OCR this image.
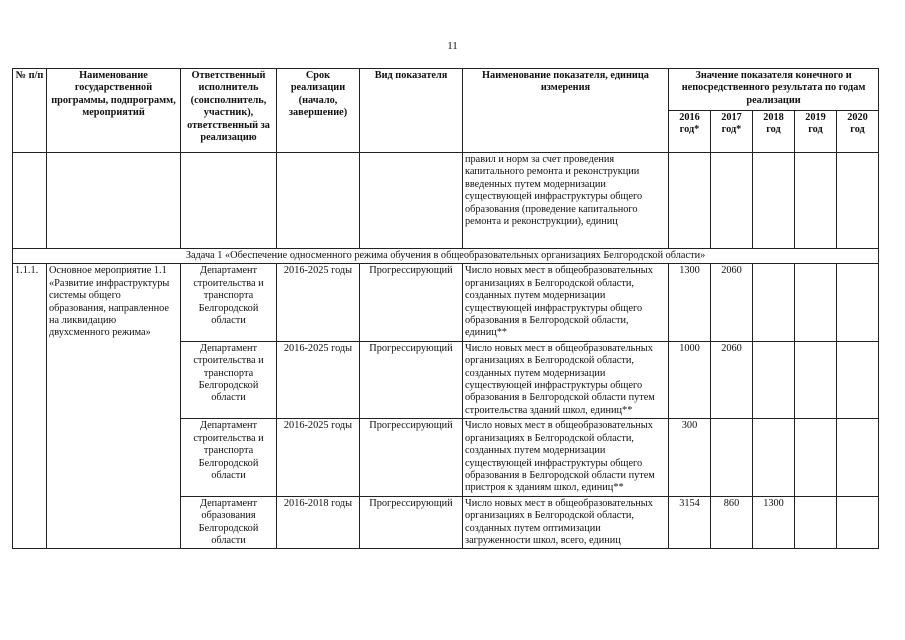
11
№ п/п	Наименование государственной программы, подпрограмм, мероприятий	Ответственный исполнитель (соисполнитель, участник), ответственный за реализацию	Срок реализации (начало, завершение)	Вид показателя	Наименование показателя, единица измерения	Значение показателя конечного и непосредственного результата по годам реализации				
						2016 год*	2017 год*	2018 год	2019 год	2020 год
					правил и норм за счет проведения капитального ремонта и реконструкции введенных путем модернизации существующей инфраструктуры общего образования (проведение капитального ремонта и реконструкции), единиц					
Задача 1 «Обеспечение односменного режима обучения в общеобразовательных организациях Белгородской области»										
1.1.1.	Основное мероприятие 1.1 «Развитие инфраструктуры системы общего образования, направленное на ликвидацию двухсменного режима»	Департамент строительства и транспорта Белгородской области	2016-2025 годы	Прогрессирующий	Число новых мест в общеобразовательных организациях в Белгородской области, созданных путем модернизации существующей инфраструктуры общего образования в Белгородской области, единиц**	1300	2060			
		Департамент строительства и транспорта Белгородской области	2016-2025 годы	Прогрессирующий	Число новых мест в общеобразовательных организациях в Белгородской области, созданных путем модернизации существующей инфраструктуры общего образования в Белгородской области путем строительства зданий школ, единиц**	1000	2060			
		Департамент строительства и транспорта Белгородской области	2016-2025 годы	Прогрессирующий	Число новых мест в общеобразовательных организациях в Белгородской области, созданных путем модернизации существующей инфраструктуры общего образования в Белгородской области путем пристроя к зданиям школ, единиц**	300				
		Департамент образования Белгородской области	2016-2018 годы	Прогрессирующий	Число новых мест в общеобразовательных организациях в Белгородской области, созданных путем оптимизации загруженности школ, всего, единиц	3154	860	1300		
